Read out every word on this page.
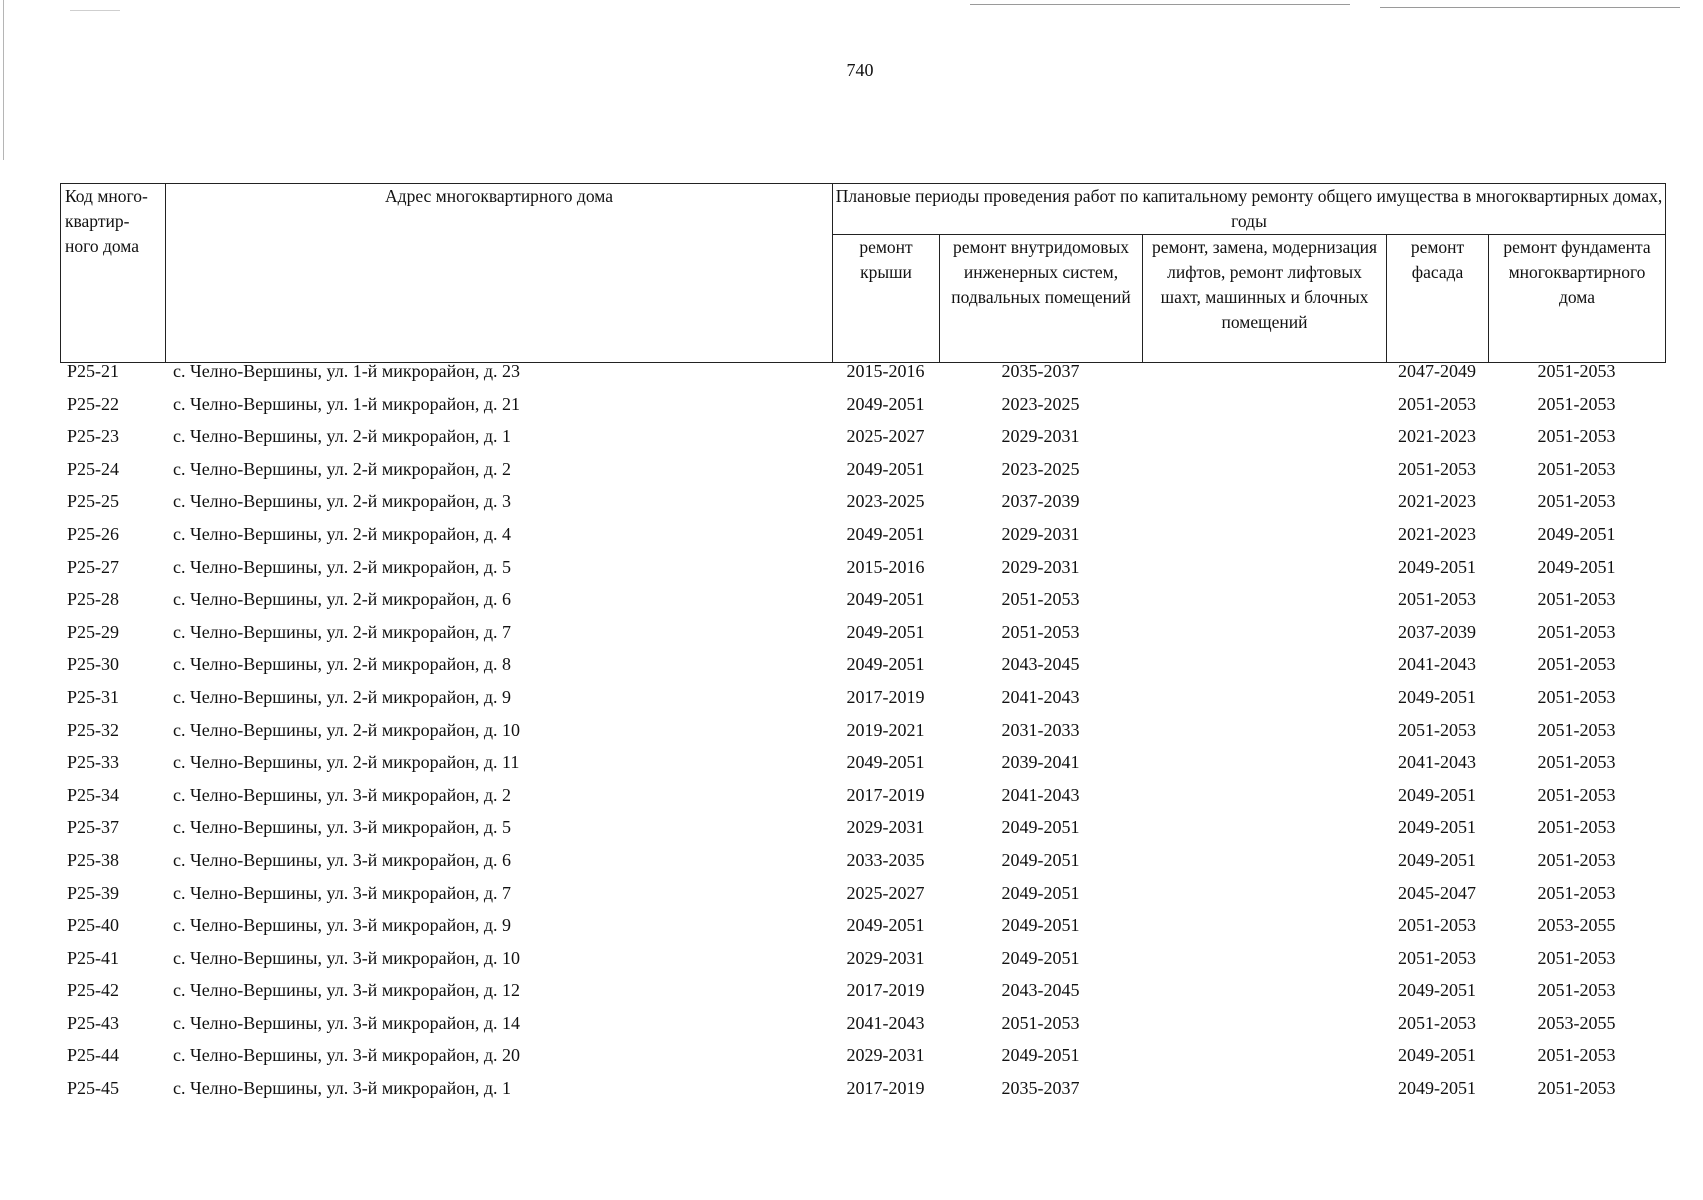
740
Код много-квартир-ного дома	Адрес многоквартирного дома	Плановые периоды проведения работ по капитальному ремонту общего имущества в многоквартирных домах, годы				
		ремонт крыши	ремонт внутридомовых инженерных систем, подвальных помещений	ремонт, замена, модернизация лифтов, ремонт лифтовых шахт, машинных и блочных помещений	ремонт фасада	ремонт фундамента многоквартирного дома
Р25-21	с. Челно-Вершины, ул. 1-й микрорайон, д. 23	2015-2016	2035-2037		2047-2049	2051-2053
Р25-22	с. Челно-Вершины, ул. 1-й микрорайон, д. 21	2049-2051	2023-2025		2051-2053	2051-2053
Р25-23	с. Челно-Вершины, ул. 2-й микрорайон, д. 1	2025-2027	2029-2031		2021-2023	2051-2053
Р25-24	с. Челно-Вершины, ул. 2-й микрорайон, д. 2	2049-2051	2023-2025		2051-2053	2051-2053
Р25-25	с. Челно-Вершины, ул. 2-й микрорайон, д. 3	2023-2025	2037-2039		2021-2023	2051-2053
Р25-26	с. Челно-Вершины, ул. 2-й микрорайон, д. 4	2049-2051	2029-2031		2021-2023	2049-2051
Р25-27	с. Челно-Вершины, ул. 2-й микрорайон, д. 5	2015-2016	2029-2031		2049-2051	2049-2051
Р25-28	с. Челно-Вершины, ул. 2-й микрорайон, д. 6	2049-2051	2051-2053		2051-2053	2051-2053
Р25-29	с. Челно-Вершины, ул. 2-й микрорайон, д. 7	2049-2051	2051-2053		2037-2039	2051-2053
Р25-30	с. Челно-Вершины, ул. 2-й микрорайон, д. 8	2049-2051	2043-2045		2041-2043	2051-2053
Р25-31	с. Челно-Вершины, ул. 2-й микрорайон, д. 9	2017-2019	2041-2043		2049-2051	2051-2053
Р25-32	с. Челно-Вершины, ул. 2-й микрорайон, д. 10	2019-2021	2031-2033		2051-2053	2051-2053
Р25-33	с. Челно-Вершины, ул. 2-й микрорайон, д. 11	2049-2051	2039-2041		2041-2043	2051-2053
Р25-34	с. Челно-Вершины, ул. 3-й микрорайон, д. 2	2017-2019	2041-2043		2049-2051	2051-2053
Р25-37	с. Челно-Вершины, ул. 3-й микрорайон, д. 5	2029-2031	2049-2051		2049-2051	2051-2053
Р25-38	с. Челно-Вершины, ул. 3-й микрорайон, д. 6	2033-2035	2049-2051		2049-2051	2051-2053
Р25-39	с. Челно-Вершины, ул. 3-й микрорайон, д. 7	2025-2027	2049-2051		2045-2047	2051-2053
Р25-40	с. Челно-Вершины, ул. 3-й микрорайон, д. 9	2049-2051	2049-2051		2051-2053	2053-2055
Р25-41	с. Челно-Вершины, ул. 3-й микрорайон, д. 10	2029-2031	2049-2051		2051-2053	2051-2053
Р25-42	с. Челно-Вершины, ул. 3-й микрорайон, д. 12	2017-2019	2043-2045		2049-2051	2051-2053
Р25-43	с. Челно-Вершины, ул. 3-й микрорайон, д. 14	2041-2043	2051-2053		2051-2053	2053-2055
Р25-44	с. Челно-Вершины, ул. 3-й микрорайон, д. 20	2029-2031	2049-2051		2049-2051	2051-2053
Р25-45	с. Челно-Вершины, ул. 3-й микрорайон, д. 1	2017-2019	2035-2037		2049-2051	2051-2053
